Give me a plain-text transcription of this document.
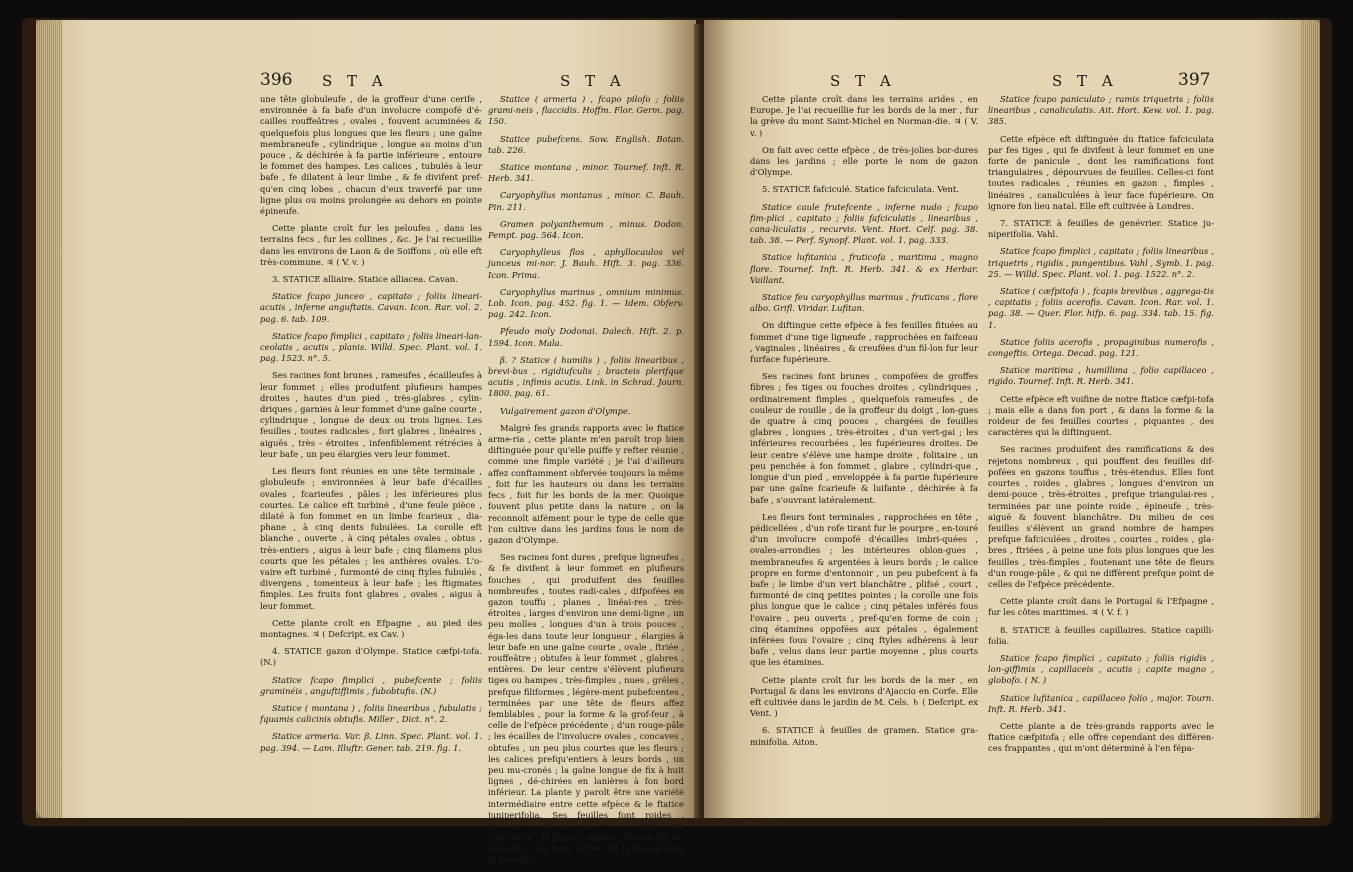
396 S T A	S T A

une tête globuleufe , de la groffeur d'une cerife , environnée à fa bafe d'un involucre compofé d'é-cailles rouffeâtres , ovales , fouvent acuminées & quelquefois plus longues que les fleurs ; une gaîne membraneufe , cylindrique , longue au moins d'un pouce , & déchirée à fa partie inférieure , entoure le fommet des hampes. Les calices , tubulés à leur bafe , fe dilatent à leur limbe , & fe divifent pref-qu'en cinq lobes , chacun d'eux traverfé par une ligne plus ou moins prolongée au dehors en pointe épineufe.

Cette plante croît fur les peloufes , dans les terrains fecs , fur les collines , &c. Je l'ai recueillie dans les environs de Laon & de Soiffons , où elle eft très-commune. ♃ ( V. v. )

3. STATICE alliaire. Statice alliacea. Cavan.

Statice fcapo junceo , capitato ; foliis lineari-acutis , inferne anguftatis. Cavan. Icon. Rar. vol. 2. pag. 6. tab. 109.

Statice fcapo fimplici , capitato ; foliis lineari-lan-ceolatis , acutis , planis. Willd. Spec. Plant. vol. 1. pag. 1523. n°. 5.

Ses racines font brunes , rameufes , écailleufes à leur fommet ; elles produifent plufieurs hampes droites , hautes d'un pied , très-glabres , cylin-driques , garnies à leur fommet d'une gaîne courte , cylindrique , longue de deux ou trois lignes. Les feuilles , toutes radicales , fort glabres , linéaires , aiguës , très - étroites , infenfiblement rétrécies à leur bafe , un peu élargies vers leur fommet.

Les fleurs font réunies en une tête terminale , globuleufe ; environnées à leur bafe d'écailles ovales , fcarieufes , pâles ; les inférieures plus courtes. Le calice eft turbiné , d'une feule pièce , dilaté à fon fommet en un limbe fcarieux , dia-phane , à cinq dents fubulées. La corolle eft blanche , ouverte , à cinq pétales ovales , obtus , très-entiers , aigus à leur bafe ; cinq filamens plus courts que les pétales ; les anthères ovales. L'o-vaire eft turbiné , furmonté de cinq ftyles fubulés , divergens , tomenteux à leur bafe ; les ftigmates fimples. Les fruits font glabres , ovales , aigus à leur fommet.

Cette plante croît en Efpagne , au pied des montagnes. ♃ ( Defcript. ex Cav. )

4. STATICE gazon d'Olympe. Statice cæfpi-tofa. (N.)

Statice fcapo fimplici , pubefcente ; foliis graminéis , anguftiffimis , fubobtufis. (N.)

Statice ( montana ) , foliis linearibus , fubulatis ; fquamis calicinis obtufis. Miller , Dict. n°. 2.

Statice armeria. Var. β. Linn. Spec. Plant. vol. 1. pag. 394. — Lam. Illuftr. Gener. tab. 219. fig. 1.

Statice ( armeria ) , fcapo pilofo ; foliis grami-neis , flaccidis. Hoffm. Flor. Germ. pag. 150.

Statice pubefcens. Sow. English. Botan. tab. 226.

Statice montana , minor. Tournef. Inft. R. Herb. 341.

Caryophyllus montanus , minor. C. Bauh. Pin. 211.

Gramen polyanthemum , minus. Dodon. Pempt. pag. 564. Icon.

Caryophylleus flos , aphyllocaulos vel junceus mi-nor. J. Bauh. Hift. 3. pag. 336. Icon. Prima.

Caryophyllus marinus , omnium minimus. Lob. Icon. pag. 452. fig. 1. — Idem. Obferv. pag. 242. Icon.

Pfeudo moly Dodonai. Dalech. Hift. 2. p. 1594. Icon. Mala.

β. ? Statice ( humilis ) , foliis linearibus , brevi-bus , rigidiufculis ; bracteis plerifque acutis , infimis acutis. Link. in Schrad. Journ. 1800. pag. 61.

Vulgairement gazon d'Olympe.

Malgré fes grands rapports avec le ftatice arme-ria , cette plante m'en paroît trop bien diftinguée pour qu'elle puiffe y refter réunie , comme une fimple variété ; je l'ai d'ailleurs affez conftamment obfervée toujours la même , foit fur les hauteurs ou dans les terrains fecs , foit fur les bords de la mer. Quoique fouvent plus petite dans la nature , on la reconnoît aifément pour le type de celle que l'on cultive dans les jardins fous le nom de gazon d'Olympe.

Ses racines font dures , prefque ligneufes , & fe divifent à leur fommet en plufieurs fouches , qui produifent des feuilles nombreufes , toutes radi-cales , difpofées en gazon touffu , planes , linéai-res , très-étroites , larges d'environ une demi-ligne , un peu molles , longues d'un à trois pouces , éga-les dans toute leur longueur , élargies à leur bafe en une gaîne courte , ovale , ftriée , rouffeâtre ; obtufes à leur fommet , glabres , entières. De leur centre s'élèvent plufieurs tiges ou hampes , très-fimples , nues , grêles , prefque filiformes , légère-ment pubefcentes , terminées par une tête de fleurs affez femblables , pour la forme & la grof-feur , à celle de l'efpèce précédente ; d'un rouge-pâle ; les écailles de l'involucre ovales , concaves , obtufes , un peu plus courtes que les fleurs ; les calices prefqu'entiers à leurs bords , un peu mu-cronés ; la gaîne longue de fix à huit lignes , dé-chirées en lanières à fon bord inférieur. La plante y paroît être une variété intermédiaire entre cette efpèce & le ftatice juniperifolia. Ses feuilles font roides , linéaires , très-courtes ; les écailles de l'involucre , la plupart aiguës , furtout les ex-térieures ; les tiges baffes. On la trouve dans le Portugal.

S T A	S T A	397

Cette plante croît dans les terrains arides , en Europe. Je l'ai recueillie fur les bords de la mer , fur la grève du mont Saint-Michel en Norman-die. ♃ ( V. v. )

On fait avec cette efpèce , de très-jolies bor-dures dans les jardins ; elle porte le nom de gazon d'Olympe.

5. STATICE fafciculé. Statice fafciculata. Vent.

Statice caule frutefcente , inferne nudo ; fcapo fim-plici , capitato ; foliis fafciculatis , linearibus , cana-liculatis , recurvis. Vent. Hort. Celf. pag. 38. tab. 38. — Perf. Synopf. Plant. vol. 1. pag. 333.

Statice lufitanica , fruticofa , maritima , magno flore. Tournef. Inft. R. Herb. 341. & ex Herbar. Vaillant.

Statice feu caryophyllus marinus , fruticans , flore albo. Grifl. Viridar. Lufitan.

On diftingue cette efpèce à fes feuilles fituées au fommet d'une tige ligneufe , rapprochées en faifceau , vaginales , linéaires , & creufées d'un fil-lon fur leur furface fupérieure.

Ses racines font brunes , compofées de groffes fibres ; fes tiges ou fouches droites , cylindriques , ordinairement fimples , quelquefois rameufes , de couleur de rouille , de la groffeur du doigt , lon-gues de quatre à cinq pouces , chargées de feuilles glabres , longues , très-étroites , d'un vert-gai ; les inférieures recourbées , les fupérieures droites. De leur centre s'élève une hampe droite , folitaire , un peu penchée à fon fommet , glabre , cylindri-que , longue d'un pied , enveloppée à fa partie fupérieure par une gaîne fcarieufe & luifante , déchirée à fa bafe , s'ouvrant latéralement.

Les fleurs font terminales , rapprochées en tête , pédicellées , d'un rofe tirant fur le pourpre , en-touré d'un involucre compofé d'écailles imbri-quées , ovales-arrondies ; les intérieures oblon-gues , membraneufes & argentées à leurs bords ; le calice propre en forme d'entonnoir , un peu pubefcent à fa bafe ; le limbe d'un vert blanchâtre , plifsé , court , furmonté de cinq petites pointes ; la corolle une fois plus longue que le calice ; cinq pétales inférés fous l'ovaire , peu ouverts , pref-qu'en forme de coin ; cinq étamines oppofées aux pétales , également inférées fous l'ovaire ; cinq ftyles adhérens à leur bafe , velus dans leur partie moyenne , plus courts que les étamines.

Cette plante croît fur les bords de la mer , en Portugal & dans les environs d'Ajaccio en Corfe. Elle eft cultivée dans le jardin de M. Cels. ♄ ( Defcript. ex Vent. )

6. STATICE à feuilles de gramen. Statice gra-minifolia. Aiton.

Statice fcapo paniculato ; ramis triquetris ; foliis linearibus , canaliculatis. Ait. Hort. Kew. vol. 1. pag. 385.

Cette efpèce eft diftinguée du ftatice fafciculata par fes tiges , qui fe divifent à leur fommet en une forte de panicule , dont les ramifications font triangulaires , dépourvues de feuilles. Celles-ci font toutes radicales , réunies en gazon , fimples , linéaires , canaliculées à leur face fupérieure. On ignore fon lieu natal. Elle eft cultivée à Londres.

7. STATICE à feuilles de genévrier. Statice ju-niperifolia. Vahl.

Statice fcapo fimplici , capitato ; foliis linearibus , triquetris , rigidis , pungentibus. Vahl , Symb. 1. pag. 25. — Willd. Spec. Plant. vol. 1. pag. 1522. n°. 2.

Statice ( cæfpitofa ) , fcapis brevibus , aggrega-tis , capitatis ; foliis acerofis. Cavan. Icon. Rar. vol. 1. pag. 38. — Quer. Flor. hifp. 6. pag. 334. tab. 15. fig. 1.

Statice foliis acerofis , propaginibus numerofis , congeftis. Ortega. Decad. pag. 121.

Statice maritima , humillima , folio capillaceo , rigido. Tournef. Inft. R. Herb. 341.

Cette efpèce eft voifine de notre ftatice cæfpi-tofa ; mais elle a dans fon port , & dans la forme & la roideur de fes feuilles courtes , piquantes , des caractères qui la diftinguent.

Ses racines produifent des ramifications & des rejetons nombreux , qui pouffent des feuilles dif-pofées en gazons touffus , très-étendus. Elles font courtes , roides , glabres , longues d'environ un demi-pouce , très-étroites , prefque triangulai-res , terminées par une pointe roide , épineufe , très-aiguë & fouvent blanchâtre. Du milieu de ces feuilles s'élèvent un grand nombre de hampes prefque fafciculées , droites , courtes , roides , gla-bres , ftriées , à peine une fois plus longues que les feuilles , très-fimples , foutenant une tête de fleurs d'un rouge-pâle , & qui ne diffèrent prefque point de celles de l'efpèce précédente.

Cette plante croît dans le Portugal & l'Efpagne , fur les côtes maritimes. ♃ ( V. f. )

8. STATICE à feuilles capillaires. Statice capilli-folia.

Statice fcapo fimplici , capitato ; foliis rigidis , lon-giffimis , capillaceis , acutis ; capite magno , globofo. ( N. )

Statice lufitanica , capillaceo folio , major. Tourn. Inft. R. Herb. 341.

Cette plante a de très-grands rapports avec le ftatice cæfpitofa ; elle offre cependant des différen-ces frappantes , qui m'ont déterminé à l'en fépa-
